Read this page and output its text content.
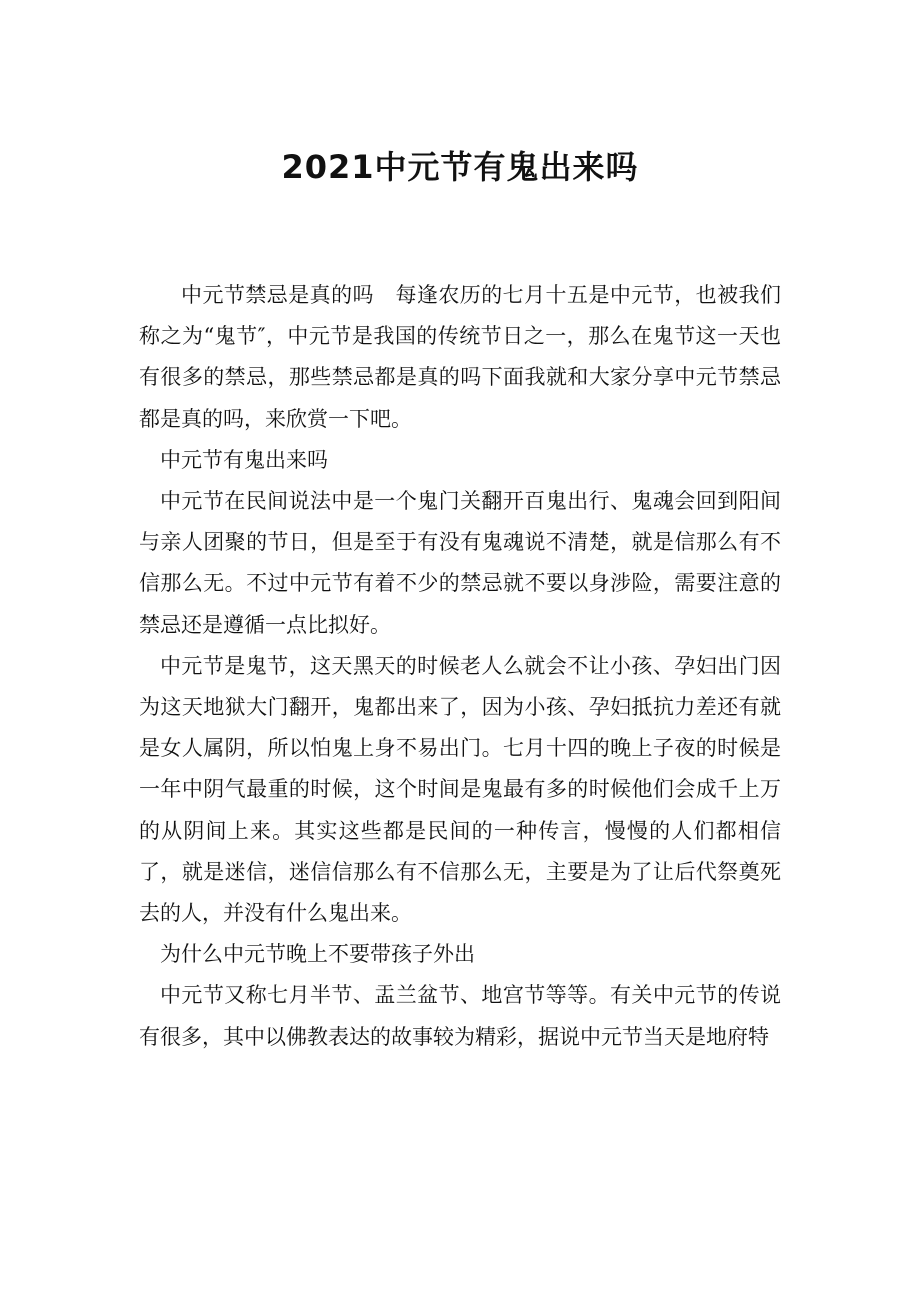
2021中元节有鬼出来吗

中元节禁忌是真的吗　每逢农历的七月十五是中元节，也被我们称之为“鬼节″，中元节是我国的传统节日之一，那么在鬼节这一天也有很多的禁忌，那些禁忌都是真的吗下面我就和大家分享中元节禁忌都是真的吗，来欣赏一下吧。

中元节有鬼出来吗

中元节在民间说法中是一个鬼门关翻开百鬼出行、鬼魂会回到阳间与亲人团聚的节日，但是至于有没有鬼魂说不清楚，就是信那么有不信那么无。不过中元节有着不少的禁忌就不要以身涉险，需要注意的禁忌还是遵循一点比拟好。

中元节是鬼节，这天黑天的时候老人么就会不让小孩、孕妇出门因为这天地狱大门翻开，鬼都出来了，因为小孩、孕妇抵抗力差还有就是女人属阴，所以怕鬼上身不易出门。七月十四的晚上子夜的时候是一年中阴气最重的时候，这个时间是鬼最有多的时候他们会成千上万的从阴间上来。其实这些都是民间的一种传言，慢慢的人们都相信了，就是迷信，迷信信那么有不信那么无，主要是为了让后代祭奠死去的人，并没有什么鬼出来。

为什么中元节晚上不要带孩子外出

中元节又称七月半节、盂兰盆节、地宫节等等。有关中元节的传说有很多，其中以佛教表达的故事较为精彩，据说中元节当天是地府特
